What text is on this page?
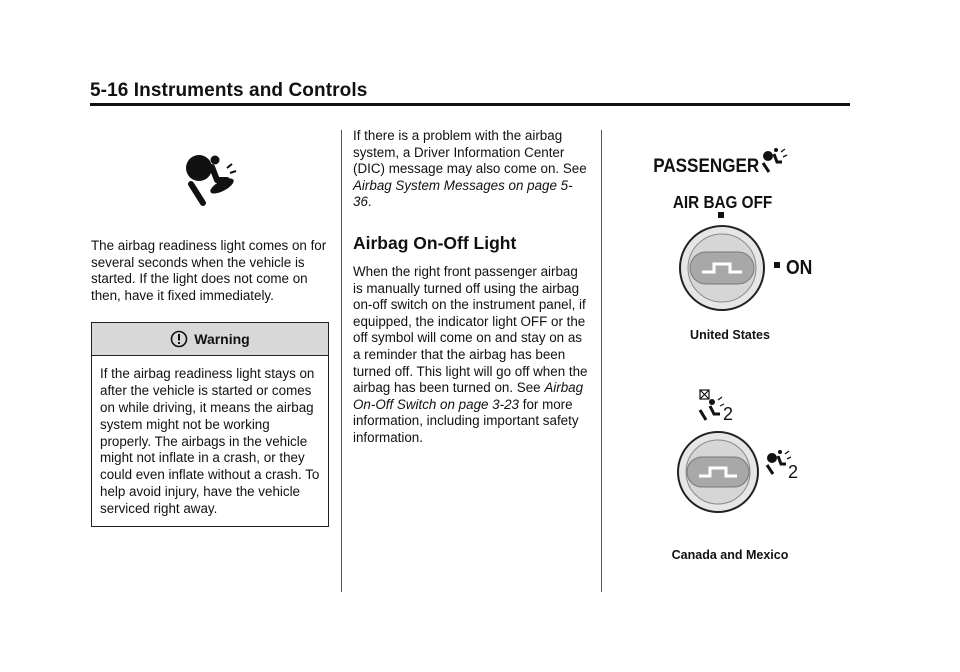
5-16 Instruments and Controls

The airbag readiness light comes on for several seconds when the vehicle is started. If the light does not come on then, have it fixed immediately.

Warning

If the airbag readiness light stays on after the vehicle is started or comes on while driving, it means the airbag system might not be working properly. The airbags in the vehicle might not inflate in a crash, or they could even inflate without a crash. To help avoid injury, have the vehicle serviced right away.

If there is a problem with the airbag system, a Driver Information Center (DIC) message may also come on. See Airbag System Messages on page 5-36.

Airbag On-Off Light

When the right front passenger airbag is manually turned off using the airbag on-off switch on the instrument panel, if equipped, the indicator light OFF or the off symbol will come on and stay on as a reminder that the airbag has been turned off. This light will go off when the airbag has been turned on. See Airbag On-Off Switch on page 3-23 for more information, including important safety information.

PASSENGER
AIR BAG OFF
ON

United States

2
2

Canada and Mexico
